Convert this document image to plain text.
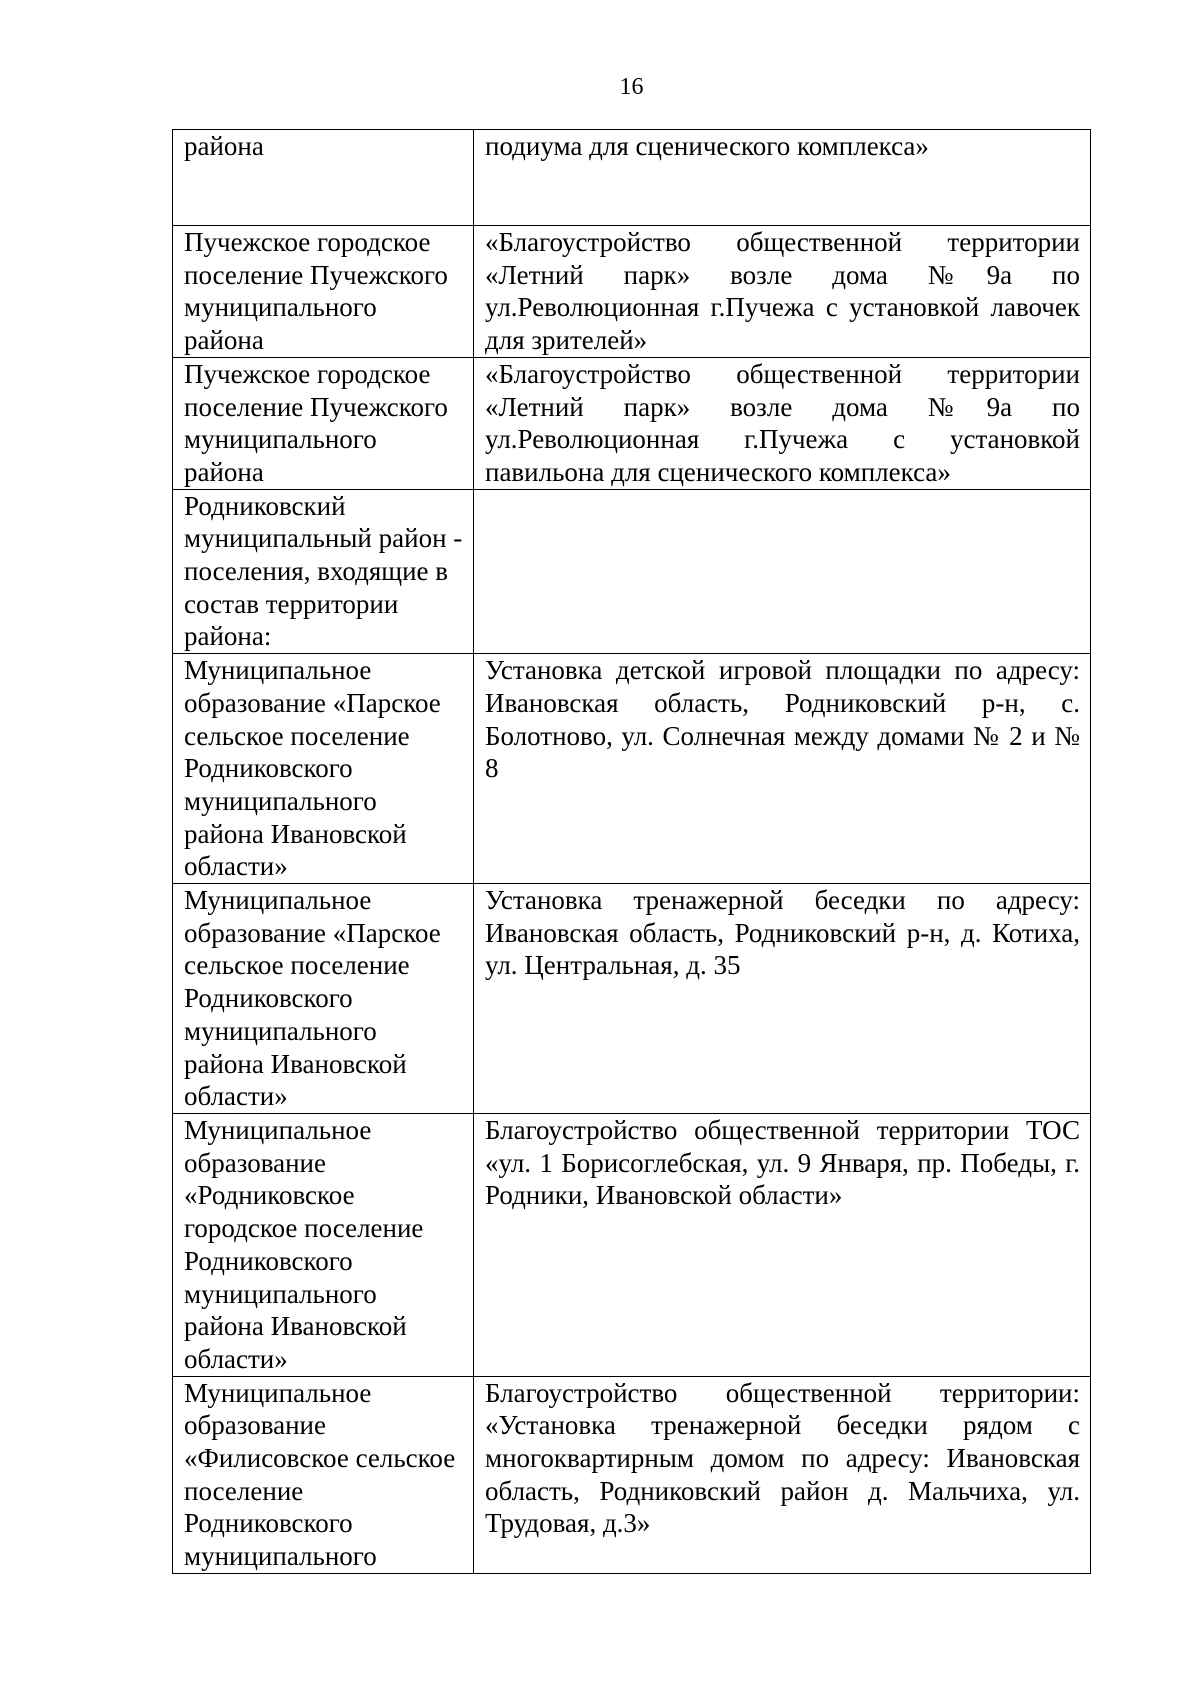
16
района	подиума для сценического комплекса»
Пучежское городское поселение Пучежского муниципального района	«Благоустройство общественной территории «Летний парк» возле дома №9а по ул.Революционная г.Пучежа с установкой лавочек для зрителей»
Пучежское городское поселение Пучежского муниципального района	«Благоустройство общественной территории «Летний парк» возле дома №9а по ул.Революционная г.Пучежа с установкой павильона для сценического комплекса»
Родниковский муниципальный район - поселения, входящие в состав территории района:	
Муниципальное образование «Парское сельское поселение Родниковского муниципального района Ивановской области»	Установка детской игровой площадки по адресу: Ивановская область, Родниковский р-н, с. Болотново, ул. Солнечная между домами № 2 и № 8
Муниципальное образование «Парское сельское поселение Родниковского муниципального района Ивановской области»	Установка тренажерной беседки по адресу: Ивановская область, Родниковский р-н, д. Котиха, ул. Центральная, д. 35
Муниципальное образование «Родниковское городское поселение Родниковского муниципального района Ивановской области»	Благоустройство общественной территории ТОС «ул. 1 Борисоглебская, ул. 9 Января, пр. Победы, г. Родники, Ивановской области»
Муниципальное образование «Филисовское сельское поселение Родниковского муниципального	Благоустройство общественной территории: «Установка тренажерной беседки рядом с многоквартирным домом по адресу: Ивановская область, Родниковский район д. Мальчиха, ул. Трудовая, д.3»
